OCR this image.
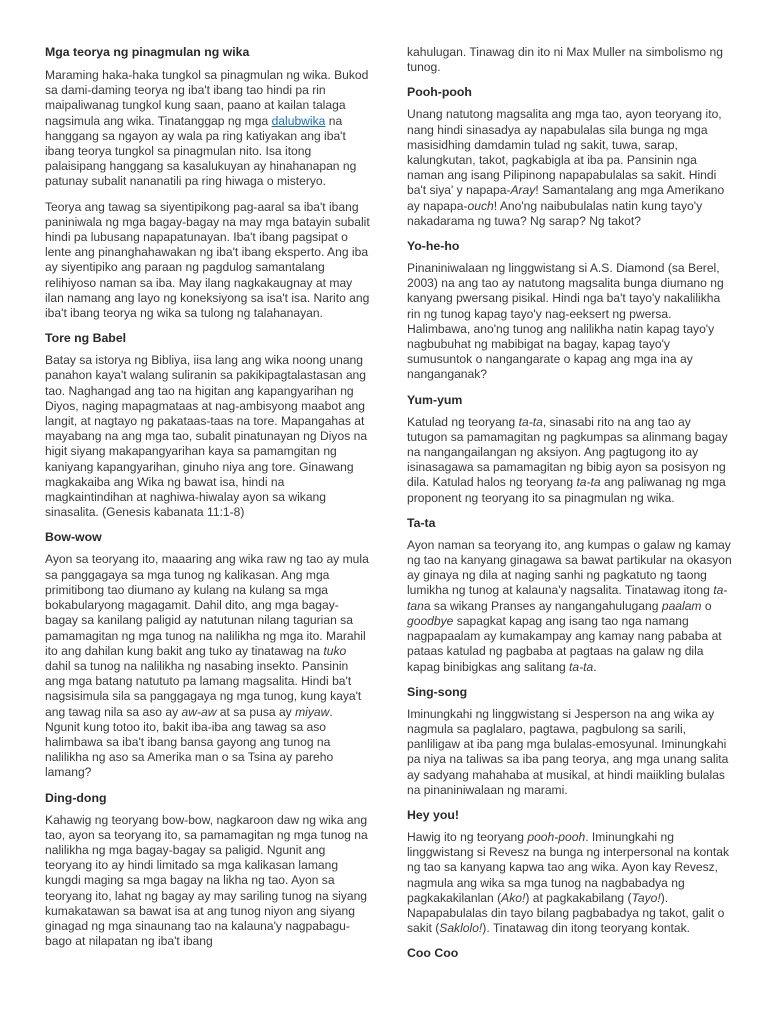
Mga teorya ng pinagmulan ng wika

Maraming haka-haka tungkol sa pinagmulan ng wika. Bukod sa dami-daming teorya ng iba't ibang tao hindi pa rin maipaliwanag tungkol kung saan, paano at kailan talaga nagsimula ang wika. Tinatanggap ng mga dalubwika na hanggang sa ngayon ay wala pa ring katiyakan ang iba't ibang teorya tungkol sa pinagmulan nito. Isa itong palaisipang hanggang sa kasalukuyan ay hinahanapan ng patunay subalit nananatili pa ring hiwaga o misteryo.

Teorya ang tawag sa siyentipikong pag-aaral sa iba't ibang paniniwala ng mga bagay-bagay na may mga batayin subalit hindi pa lubusang napapatunayan. Iba't ibang pagsipat o lente ang pinanghahawakan ng iba't ibang eksperto. Ang iba ay siyentipiko ang paraan ng pagdulog samantalang relihiyoso naman sa iba. May ilang nagkakaugnay at may ilan namang ang layo ng koneksiyong sa isa't isa. Narito ang iba't ibang teorya ng wika sa tulong ng talahanayan.

Tore ng Babel

Batay sa istorya ng Bibliya, iisa lang ang wika noong unang panahon kaya't walang suliranin sa pakikipagtalastasan ang tao. Naghangad ang tao na higitan ang kapangyarihan ng Diyos, naging mapagmataas at nag-ambisyong maabot ang langit, at nagtayo ng pakataas-taas na tore. Mapangahas at mayabang na ang mga tao, subalit pinatunayan ng Diyos na higit siyang makapangyarihan kaya sa pamamgitan ng kaniyang kapangyarihan, ginuho niya ang tore. Ginawang magkakaiba ang Wika ng bawat isa, hindi na magkaintindihan at naghiwa-hiwalay ayon sa wikang sinasalita. (Genesis kabanata 11:1-8)

Bow-wow

Ayon sa teoryang ito, maaaring ang wika raw ng tao ay mula sa panggagaya sa mga tunog ng kalikasan. Ang mga primitibong tao diumano ay kulang na kulang sa mga bokabularyong magagamit. Dahil dito, ang mga bagay-bagay sa kanilang paligid ay natutunan nilang tagurian sa pamamagitan ng mga tunog na nalilikha ng mga ito. Marahil ito ang dahilan kung bakit ang tuko ay tinatawag na tuko dahil sa tunog na nalilikha ng nasabing insekto. Pansinin ang mga batang natututo pa lamang magsalita. Hindi ba't nagsisimula sila sa panggagaya ng mga tunog, kung kaya't ang tawag nila sa aso ay aw-aw at sa pusa ay miyaw. Ngunit kung totoo ito, bakit iba-iba ang tawag sa aso halimbawa sa iba't ibang bansa gayong ang tunog na nalilikha ng aso sa Amerika man o sa Tsina ay pareho lamang?

Ding-dong

Kahawig ng teoryang bow-bow, nagkaroon daw ng wika ang tao, ayon sa teoryang ito, sa pamamagitan ng mga tunog na nalilikha ng mga bagay-bagay sa paligid. Ngunit ang teoryang ito ay hindi limitado sa mga kalikasan lamang kungdi maging sa mga bagay na likha ng tao. Ayon sa teoryang ito, lahat ng bagay ay may sariling tunog na siyang kumakatawan sa bawat isa at ang tunog niyon ang siyang ginagad ng mga sinaunang tao na kalauna'y nagpabagu-bago at nilapatan ng iba't ibang

kahulugan. Tinawag din ito ni Max Muller na simbolismo ng tunog.

Pooh-pooh

Unang natutong magsalita ang mga tao, ayon teoryang ito, nang hindi sinasadya ay napabulalas sila bunga ng mga masisidhing damdamin tulad ng sakit, tuwa, sarap, kalungkutan, takot, pagkabigla at iba pa. Pansinin nga naman ang isang Pilipinong napapabulalas sa sakit. Hindi ba't siya' y napapa-Aray! Samantalang ang mga Amerikano ay napapa-ouch! Ano'ng naibubulalas natin kung tayo'y nakadarama ng tuwa? Ng sarap? Ng takot?

Yo-he-ho

Pinaniniwalaan ng linggwistang si A.S. Diamond (sa Berel, 2003) na ang tao ay natutong magsalita bunga diumano ng kanyang pwersang pisikal. Hindi nga ba't tayo'y nakalilikha rin ng tunog kapag tayo'y nag-eeksert ng pwersa. Halimbawa, ano'ng tunog ang nalilikha natin kapag tayo'y nagbubuhat ng mabibigat na bagay, kapag tayo'y sumusuntok o nangangarate o kapag ang mga ina ay nanganganak?

Yum-yum

Katulad ng teoryang ta-ta, sinasabi rito na ang tao ay tutugon sa pamamagitan ng pagkumpas sa alinmang bagay na nangangailangan ng aksiyon. Ang pagtugong ito ay isinasagawa sa pamamagitan ng bibig ayon sa posisyon ng dila. Katulad halos ng teoryang ta-ta ang paliwanag ng mga proponent ng teoryang ito sa pinagmulan ng wika.

Ta-ta

Ayon naman sa teoryang ito, ang kumpas o galaw ng kamay ng tao na kanyang ginagawa sa bawat partikular na okasyon ay ginaya ng dila at naging sanhi ng pagkatuto ng taong lumikha ng tunog at kalauna'y nagsalita. Tinatawag itong ta-tana sa wikang Pranses ay nangangahulugang paalam o goodbye sapagkat kapag ang isang tao nga namang nagpapaalam ay kumakampay ang kamay nang pababa at pataas katulad ng pagbaba at pagtaas na galaw ng dila kapag binibigkas ang salitang ta-ta.

Sing-song

Iminungkahi ng linggwistang si Jesperson na ang wika ay nagmula sa paglalaro, pagtawa, pagbulong sa sarili, panliligaw at iba pang mga bulalas-emosyunal. Iminungkahi pa niya na taliwas sa iba pang teorya, ang mga unang salita ay sadyang mahahaba at musikal, at hindi maiikling bulalas na pinaniniwalaan ng marami.

Hey you!

Hawig ito ng teoryang pooh-pooh. Iminungkahi ng linggwistang si Revesz na bunga ng interpersonal na kontak ng tao sa kanyang kapwa tao ang wika. Ayon kay Revesz, nagmula ang wika sa mga tunog na nagbabadya ng pagkakakilanlan (Ako!) at pagkakabilang (Tayo!). Napapabulalas din tayo bilang pagbabadya ng takot, galit o sakit (Saklolo!). Tinatawag din itong teoryang kontak.

Coo Coo
